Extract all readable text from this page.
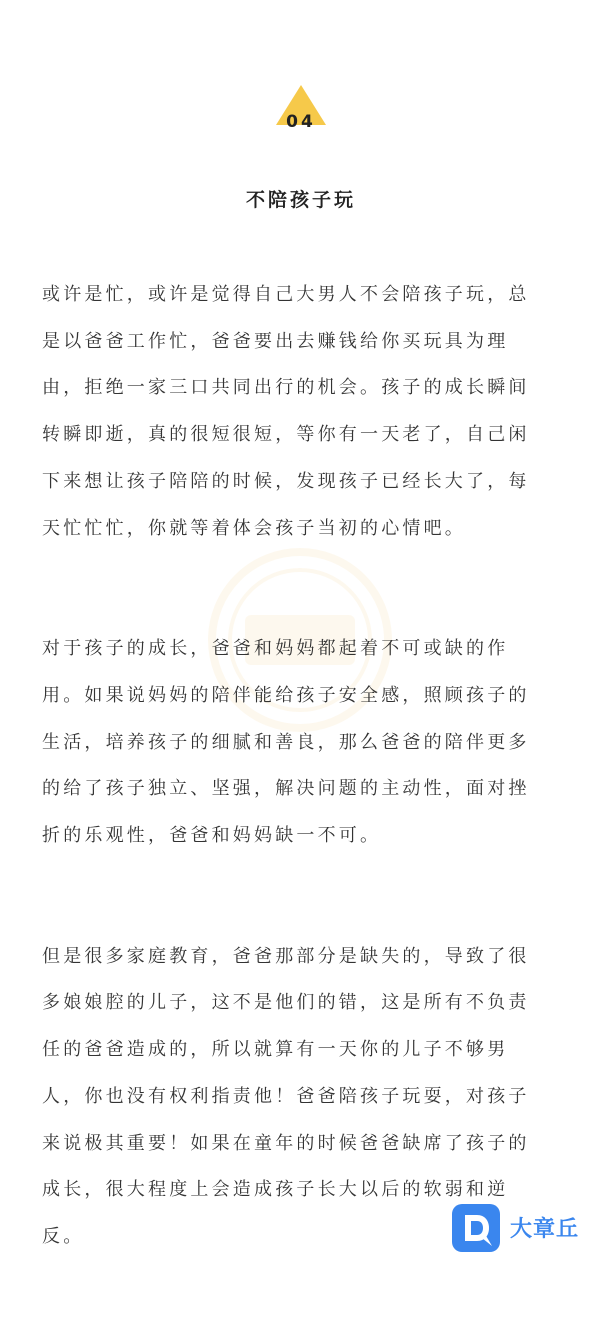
04
不陪孩子玩

或许是忙，或许是觉得自己大男人不会陪孩子玩，总
是以爸爸工作忙，爸爸要出去赚钱给你买玩具为理
由，拒绝一家三口共同出行的机会。孩子的成长瞬间
转瞬即逝，真的很短很短，等你有一天老了，自己闲
下来想让孩子陪陪的时候，发现孩子已经长大了，每
天忙忙忙，你就等着体会孩子当初的心情吧。

对于孩子的成长，爸爸和妈妈都起着不可或缺的作
用。如果说妈妈的陪伴能给孩子安全感，照顾孩子的
生活，培养孩子的细腻和善良，那么爸爸的陪伴更多
的给了孩子独立、坚强，解决问题的主动性，面对挫
折的乐观性，爸爸和妈妈缺一不可。

但是很多家庭教育，爸爸那部分是缺失的，导致了很
多娘娘腔的儿子，这不是他们的错，这是所有不负责
任的爸爸造成的，所以就算有一天你的儿子不够男
人，你也没有权利指责他！爸爸陪孩子玩耍，对孩子
来说极其重要！如果在童年的时候爸爸缺席了孩子的
成长，很大程度上会造成孩子长大以后的软弱和逆
反。	大章丘
